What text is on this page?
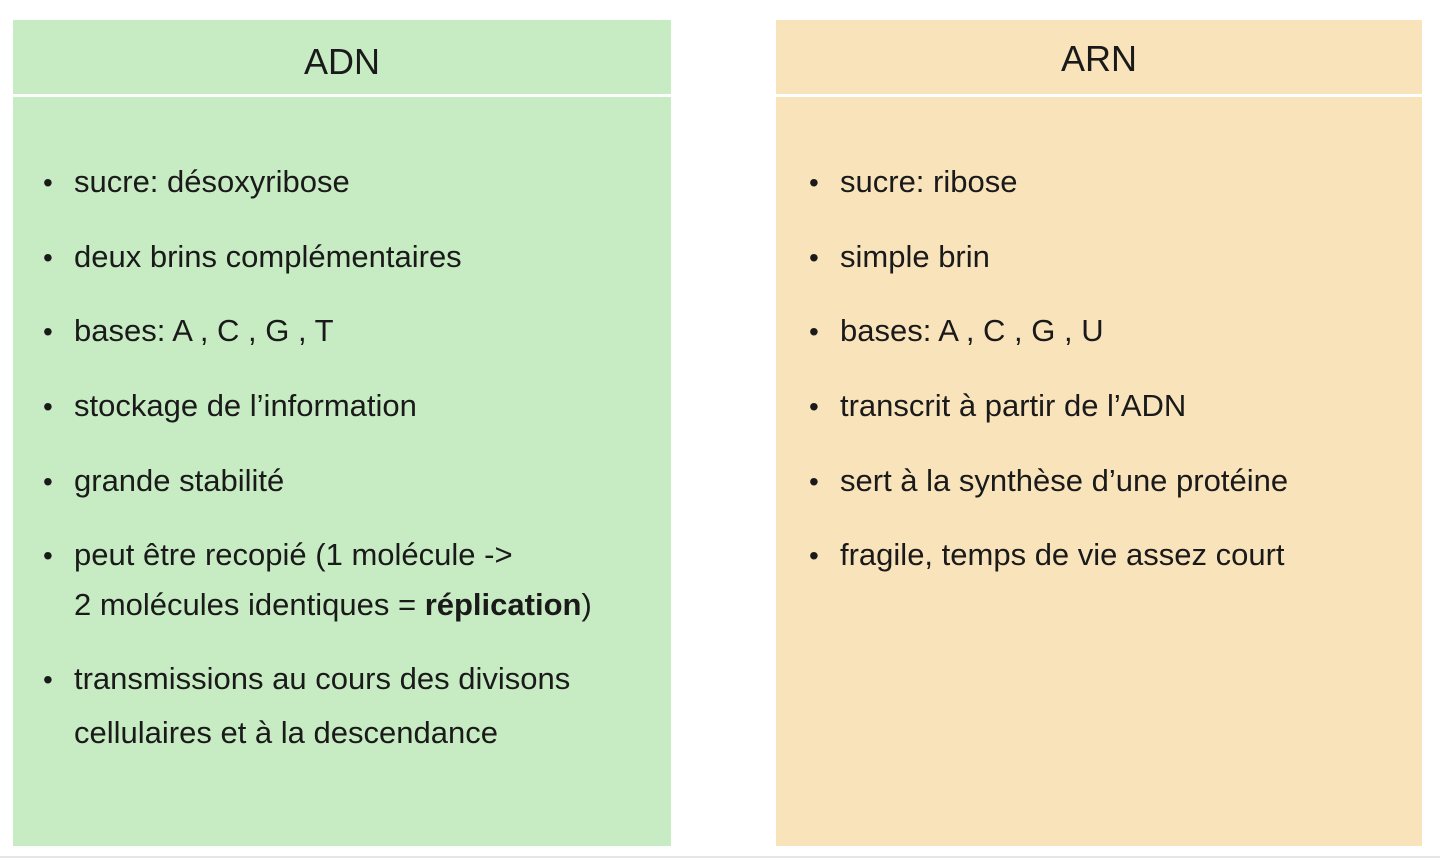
ADN
• sucre: désoxyribose
• deux brins complémentaires
• bases: A , C , G , T
• stockage de l’information
• grande stabilité
• peut être recopié (1 molécule ->
2 molécules identiques = réplication)
• transmissions au cours des divisons
cellulaires et à la descendance
ARN
• sucre: ribose
• simple brin
• bases: A , C , G , U
• transcrit à partir de l’ADN
• sert à la synthèse d’une protéine
• fragile, temps de vie assez court
